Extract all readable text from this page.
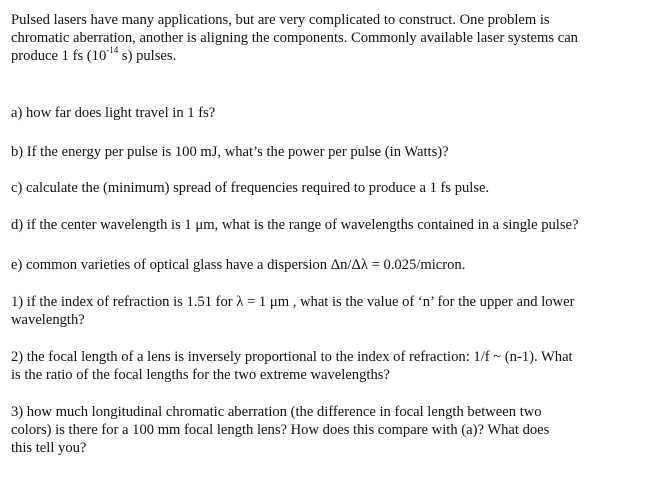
Pulsed lasers have many applications, but are very complicated to construct. One problem is
chromatic aberration, another is aligning the components. Commonly available laser systems can
produce 1 fs ($10^{-14}$ s) pulses.
a) how far does light travel in 1 fs?
b) If the energy per pulse is 100 mJ, what’s the power per pulse (in Watts)?
c) calculate the (minimum) spread of frequencies required to produce a 1 fs pulse.
d) if the center wavelength is 1 μm, what is the range of wavelengths contained in a single pulse?
e) common varieties of optical glass have a dispersion Δn/Δλ = 0.025/micron.
1) if the index of refraction is 1.51 for λ = 1 μm , what is the value of ‘n’ for the upper and lower
wavelength?
2) the focal length of a lens is inversely proportional to the index of refraction: 1/f ~ (n-1). What
is the ratio of the focal lengths for the two extreme wavelengths?
3) how much longitudinal chromatic aberration (the difference in focal length between two
colors) is there for a 100 mm focal length lens? How does this compare with (a)? What does
this tell you?
